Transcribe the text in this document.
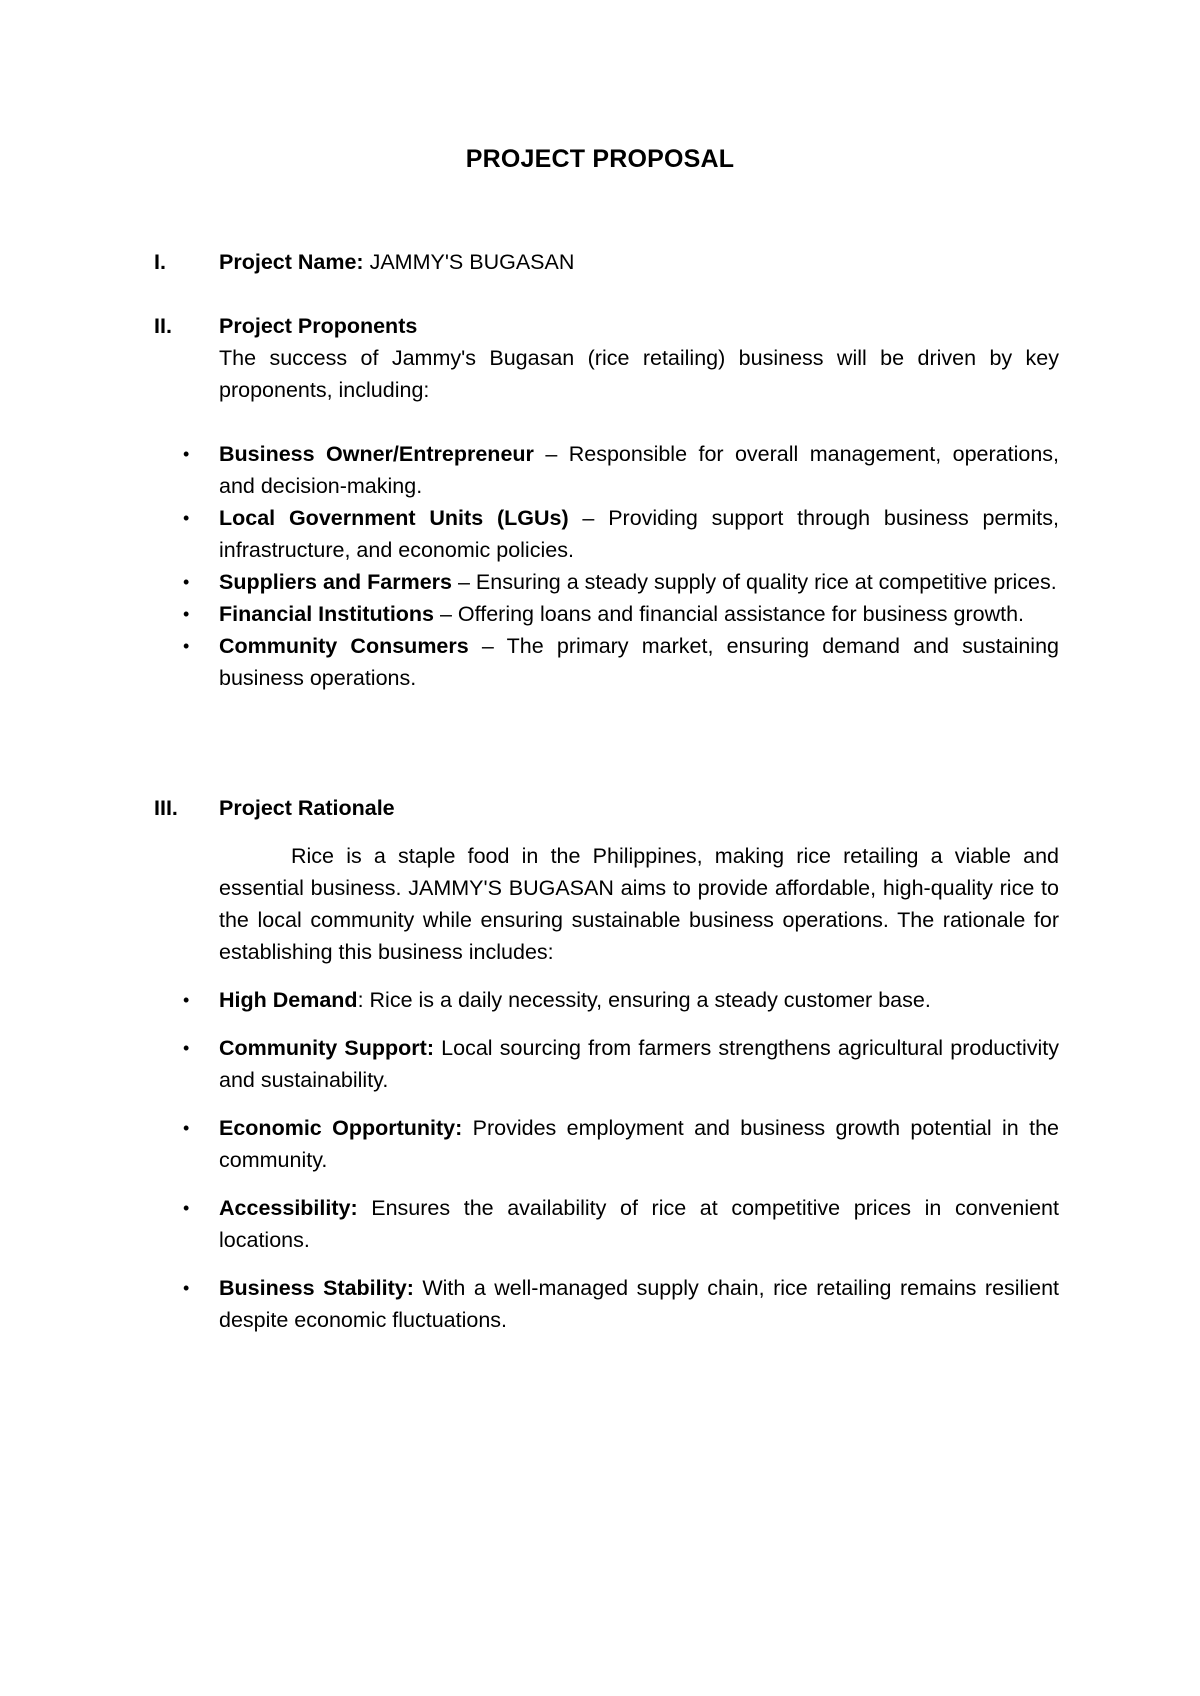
PROJECT PROPOSAL
I. Project Name: JAMMY'S BUGASAN
II. Project Proponents
The success of Jammy's Bugasan (rice retailing) business will be driven by key proponents, including:
• Business Owner/Entrepreneur – Responsible for overall management, operations, and decision-making.
• Local Government Units (LGUs) – Providing support through business permits, infrastructure, and economic policies.
• Suppliers and Farmers – Ensuring a steady supply of quality rice at competitive prices.
• Financial Institutions – Offering loans and financial assistance for business growth.
• Community Consumers – The primary market, ensuring demand and sustaining business operations.
III. Project Rationale

Rice is a staple food in the Philippines, making rice retailing a viable and essential business. JAMMY'S BUGASAN aims to provide affordable, high-quality rice to the local community while ensuring sustainable business operations. The rationale for establishing this business includes:

• High Demand: Rice is a daily necessity, ensuring a steady customer base.
• Community Support: Local sourcing from farmers strengthens agricultural productivity and sustainability.
• Economic Opportunity: Provides employment and business growth potential in the community.
• Accessibility: Ensures the availability of rice at competitive prices in convenient locations.
• Business Stability: With a well-managed supply chain, rice retailing remains resilient despite economic fluctuations.
